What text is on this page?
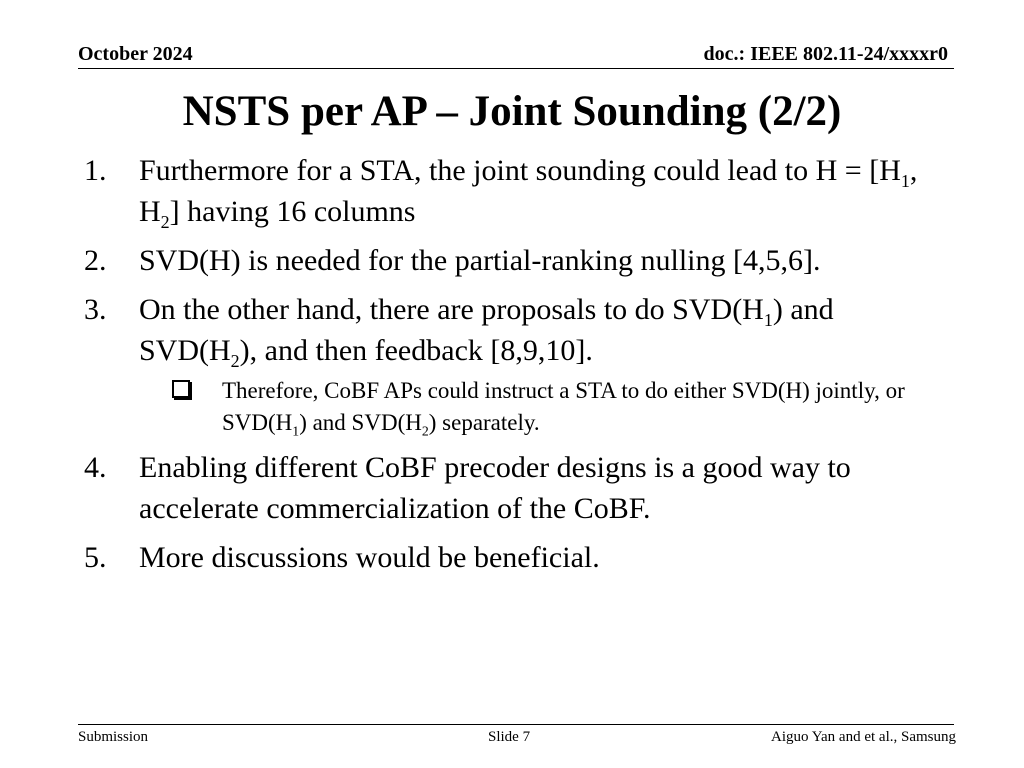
October 2024	doc.: IEEE 802.11-24/xxxxr0
NSTS per AP – Joint Sounding (2/2)
1.	Furthermore for a STA, the joint sounding could lead to $H = [H_1$, $H_2$] having 16 columns
2.	SVD(H) is needed for the partial-ranking nulling [4,5,6].
3.	On the other hand, there are proposals to do $SVD(H_1)$ and $SVD(H_2)$, and then feedback [8,9,10].
Therefore, CoBF APs could instruct a STA to do either SVD(H) jointly, or $SVD(H_1)$ and $SVD(H_2)$ separately.
4.	Enabling different CoBF precoder designs is a good way to accelerate commercialization of the CoBF.
5.	More discussions would be beneficial.
Submission	Slide 7	Aiguo Yan and et al., Samsung
